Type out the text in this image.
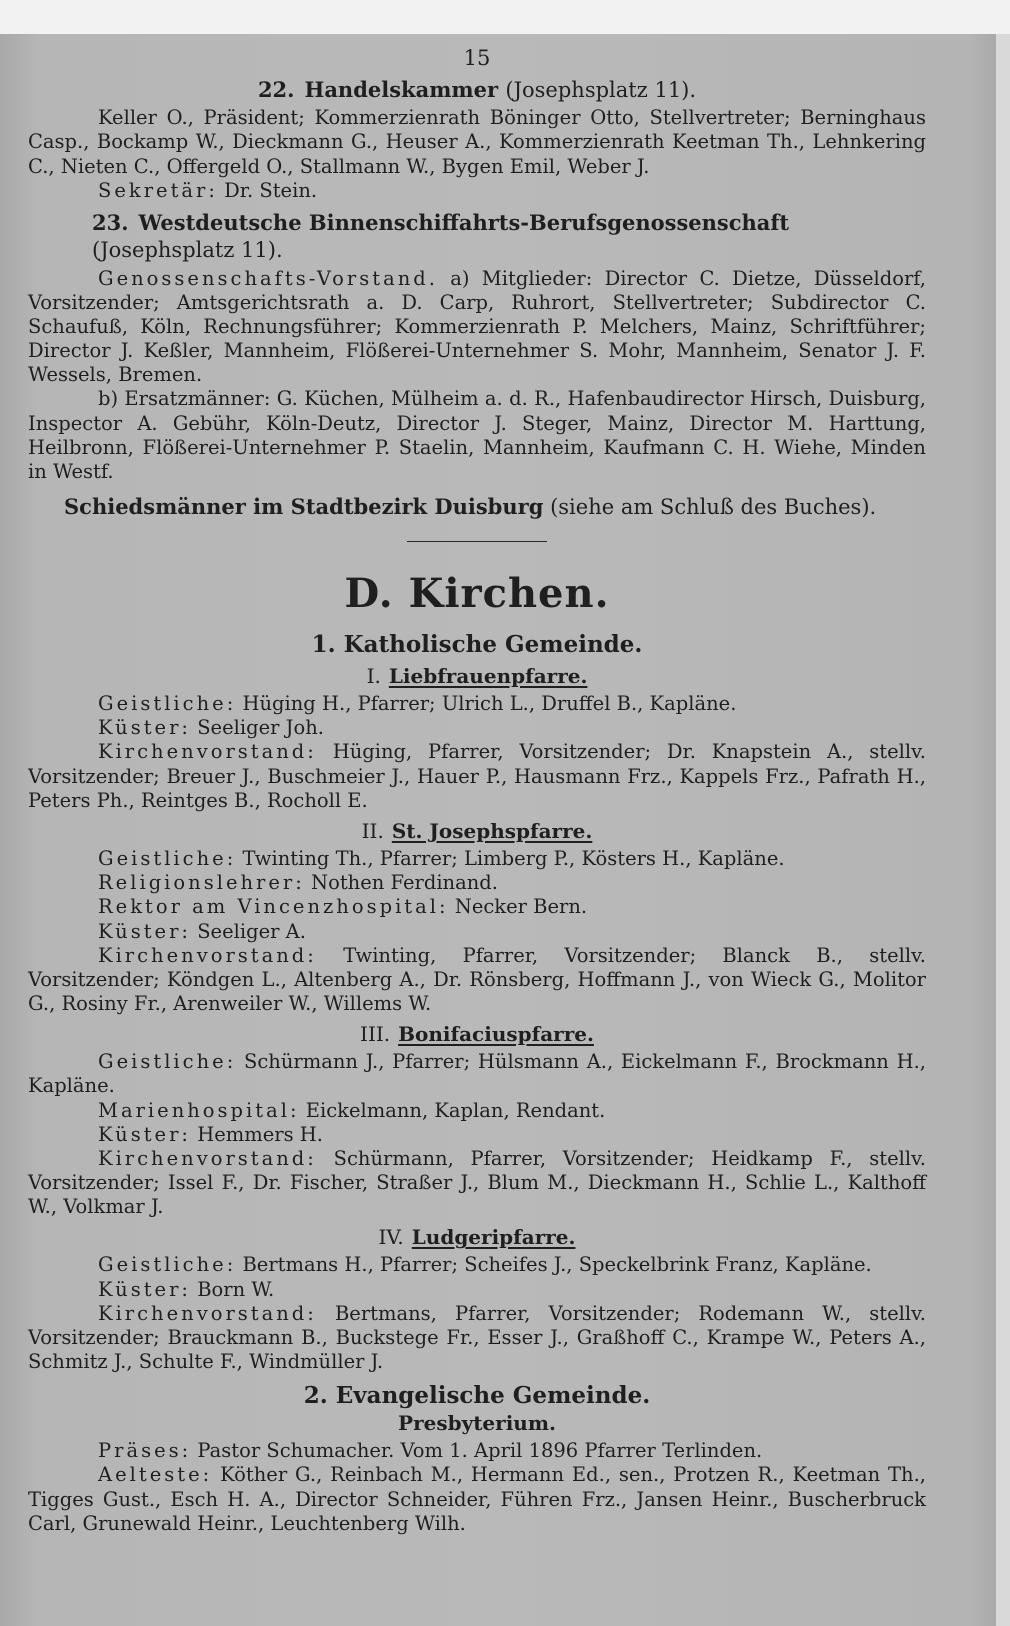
15
22. Handelskammer (Josephsplatz 11).

Keller O., Präsident; Kommerzienrath Böninger Otto, Stellvertreter; Berninghaus Casp., Bockamp W., Dieckmann G., Heuser A., Kommerzienrath Keetman Th., Lehnkering C., Nieten C., Offergeld O., Stallmann W., Bygen Emil, Weber J.

Sekretär: Dr. Stein.

23. Westdeutsche Binnenschiffahrts-Berufsgenossenschaft (Josephsplatz 11).

Genossenschafts-Vorstand. a) Mitglieder: Director C. Dietze, Düsseldorf, Vorsitzender; Amtsgerichtsrath a. D. Carp, Ruhrort, Stellvertreter; Subdirector C. Schaufuß, Köln, Rechnungsführer; Kommerzienrath P. Melchers, Mainz, Schriftführer; Director J. Keßler, Mannheim, Flößerei-Unternehmer S. Mohr, Mannheim, Senator J. F. Wessels, Bremen.

b) Ersatzmänner: G. Küchen, Mülheim a. d. R., Hafenbaudirector Hirsch, Duisburg, Inspector A. Gebühr, Köln-Deutz, Director J. Steger, Mainz, Director M. Harttung, Heilbronn, Flößerei-Unternehmer P. Staelin, Mannheim, Kaufmann C. H. Wiehe, Minden in Westf.

Schiedsmänner im Stadtbezirk Duisburg (siehe am Schluß des Buches).
D. Kirchen.
1. Katholische Gemeinde.
I. Liebfrauenpfarre.

Geistliche: Hüging H., Pfarrer; Ulrich L., Druffel B., Kapläne.

Küster: Seeliger Joh.

Kirchenvorstand: Hüging, Pfarrer, Vorsitzender; Dr. Knapstein A., stellv. Vorsitzender; Breuer J., Buschmeier J., Hauer P., Hausmann Frz., Kappels Frz., Pafrath H., Peters Ph., Reintges B., Rocholl E.

II. St. Josephspfarre.

Geistliche: Twinting Th., Pfarrer; Limberg P., Kösters H., Kapläne.

Religionslehrer: Nothen Ferdinand.

Rektor am Vincenzhospital: Necker Bern.

Küster: Seeliger A.

Kirchenvorstand: Twinting, Pfarrer, Vorsitzender; Blanck B., stellv. Vorsitzender; Köndgen L., Altenberg A., Dr. Rönsberg, Hoffmann J., von Wieck G., Molitor G., Rosiny Fr., Arenweiler W., Willems W.

III. Bonifaciuspfarre.

Geistliche: Schürmann J., Pfarrer; Hülsmann A., Eickelmann F., Brockmann H., Kapläne.

Marienhospital: Eickelmann, Kaplan, Rendant.

Küster: Hemmers H.

Kirchenvorstand: Schürmann, Pfarrer, Vorsitzender; Heidkamp F., stellv. Vorsitzender; Issel F., Dr. Fischer, Straßer J., Blum M., Dieckmann H., Schlie L., Kalthoff W., Volkmar J.

IV. Ludgeripfarre.

Geistliche: Bertmans H., Pfarrer; Scheifes J., Speckelbrink Franz, Kapläne.

Küster: Born W.

Kirchenvorstand: Bertmans, Pfarrer, Vorsitzender; Rodemann W., stellv. Vorsitzender; Brauckmann B., Buckstege Fr., Esser J., Graßhoff C., Krampe W., Peters A., Schmitz J., Schulte F., Windmüller J.

2. Evangelische Gemeinde.
Presbyterium.

Präses: Pastor Schumacher. Vom 1. April 1896 Pfarrer Terlinden.

Aelteste: Köther G., Reinbach M., Hermann Ed., sen., Protzen R., Keetman Th., Tigges Gust., Esch H. A., Director Schneider, Führen Frz., Jansen Heinr., Buscherbruck Carl, Grunewald Heinr., Leuchtenberg Wilh.
